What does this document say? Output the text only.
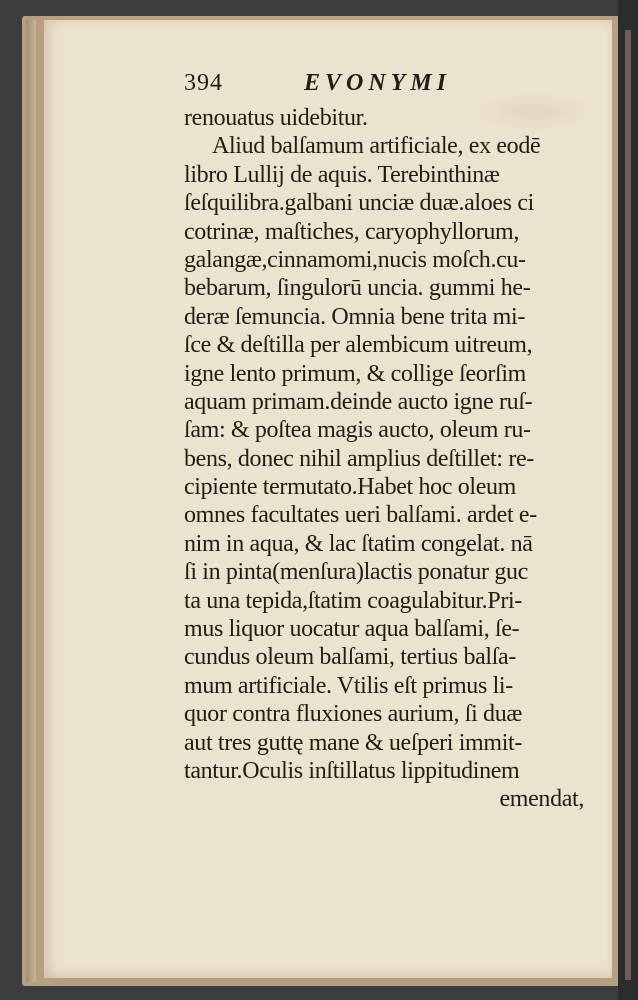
394	EVONYMI
renouatus uidebitur.
Aliud balſamum artificiale, ex eodē
libro Lullij de aquis. Terebinthinæ
ſeſquilibra.galbani unciæ duæ.aloes ci
cotrinæ, maſtiches, caryophyllorum,
galangæ,cinnamomi,nucis moſch.cu-
bebarum, ſingulorū uncia. gummi he-
deræ ſemuncia. Omnia bene trita mi-
ſce & deſtilla per alembicum uitreum,
igne lento primum, & collige ſeorſim
aquam primam.deinde aucto igne ruſ-
ſam: & poſtea magis aucto, oleum ru-
bens, donec nihil amplius deſtillet: re-
cipiente termutato.Habet hoc oleum
omnes facultates ueri balſami. ardet e-
nim in aqua, & lac ſtatim congelat. nā
ſi in pinta(menſura)lactis ponatur guc
ta una tepida,ſtatim coagulabitur.Pri-
mus liquor uocatur aqua balſami, ſe-
cundus oleum balſami, tertius balſa-
mum artificiale. Vtilis eſt primus li-
quor contra fluxiones aurium, ſi duæ
aut tres guttę mane & ueſperi immit-
tantur.Oculis inſtillatus lippitudinem
emendat,
